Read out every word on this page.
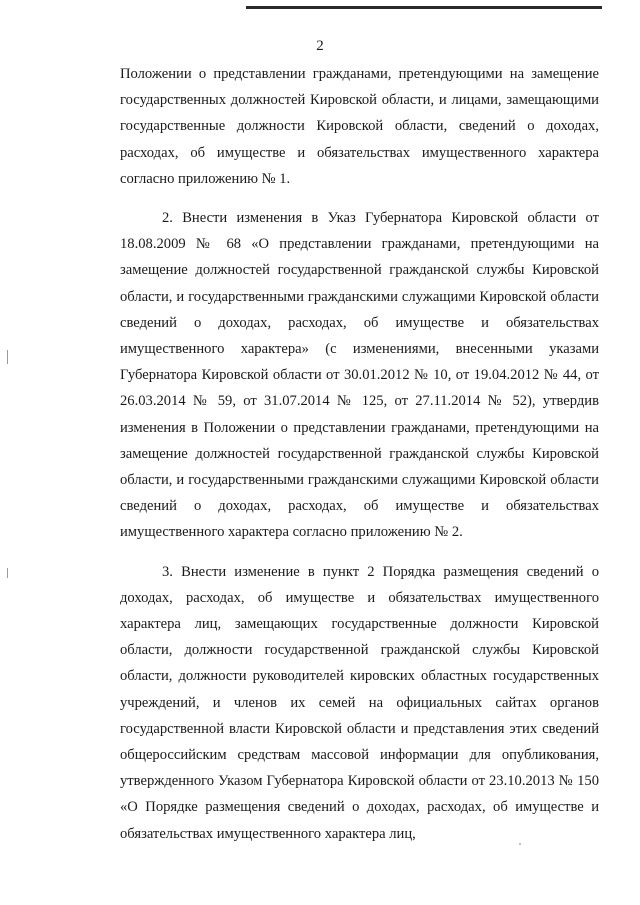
2

Положении о представлении гражданами, претендующими на замещение государственных должностей Кировской области, и лицами, замещающими государственные должности Кировской области, сведений о доходах, расходах, об имуществе и обязательствах имущественного характера согласно приложению № 1.

2. Внести изменения в Указ Губернатора Кировской области от 18.08.2009 № 68 «О представлении гражданами, претендующими на замещение должностей государственной гражданской службы Кировской области, и государственными гражданскими служащими Кировской области сведений о доходах, расходах, об имуществе и обязательствах имущественного характера» (с изменениями, внесенными указами Губернатора Кировской области от 30.01.2012 № 10, от 19.04.2012 № 44, от 26.03.2014 № 59, от 31.07.2014 № 125, от 27.11.2014 № 52), утвердив изменения в Положении о представлении гражданами, претендующими на замещение должностей государственной гражданской службы Кировской области, и государственными гражданскими служащими Кировской области сведений о доходах, расходах, об имуществе и обязательствах имущественного характера согласно приложению № 2.

3. Внести изменение в пункт 2 Порядка размещения сведений о доходах, расходах, об имуществе и обязательствах имущественного характера лиц, замещающих государственные должности Кировской области, должности государственной гражданской службы Кировской области, должности руководителей кировских областных государственных учреждений, и членов их семей на официальных сайтах органов государственной власти Кировской области и представления этих сведений общероссийским средствам массовой информации для опубликования, утвержденного Указом Губернатора Кировской области от 23.10.2013 № 150 «О Порядке размещения сведений о доходах, расходах, об имуществе и обязательствах имущественного характера лиц,
